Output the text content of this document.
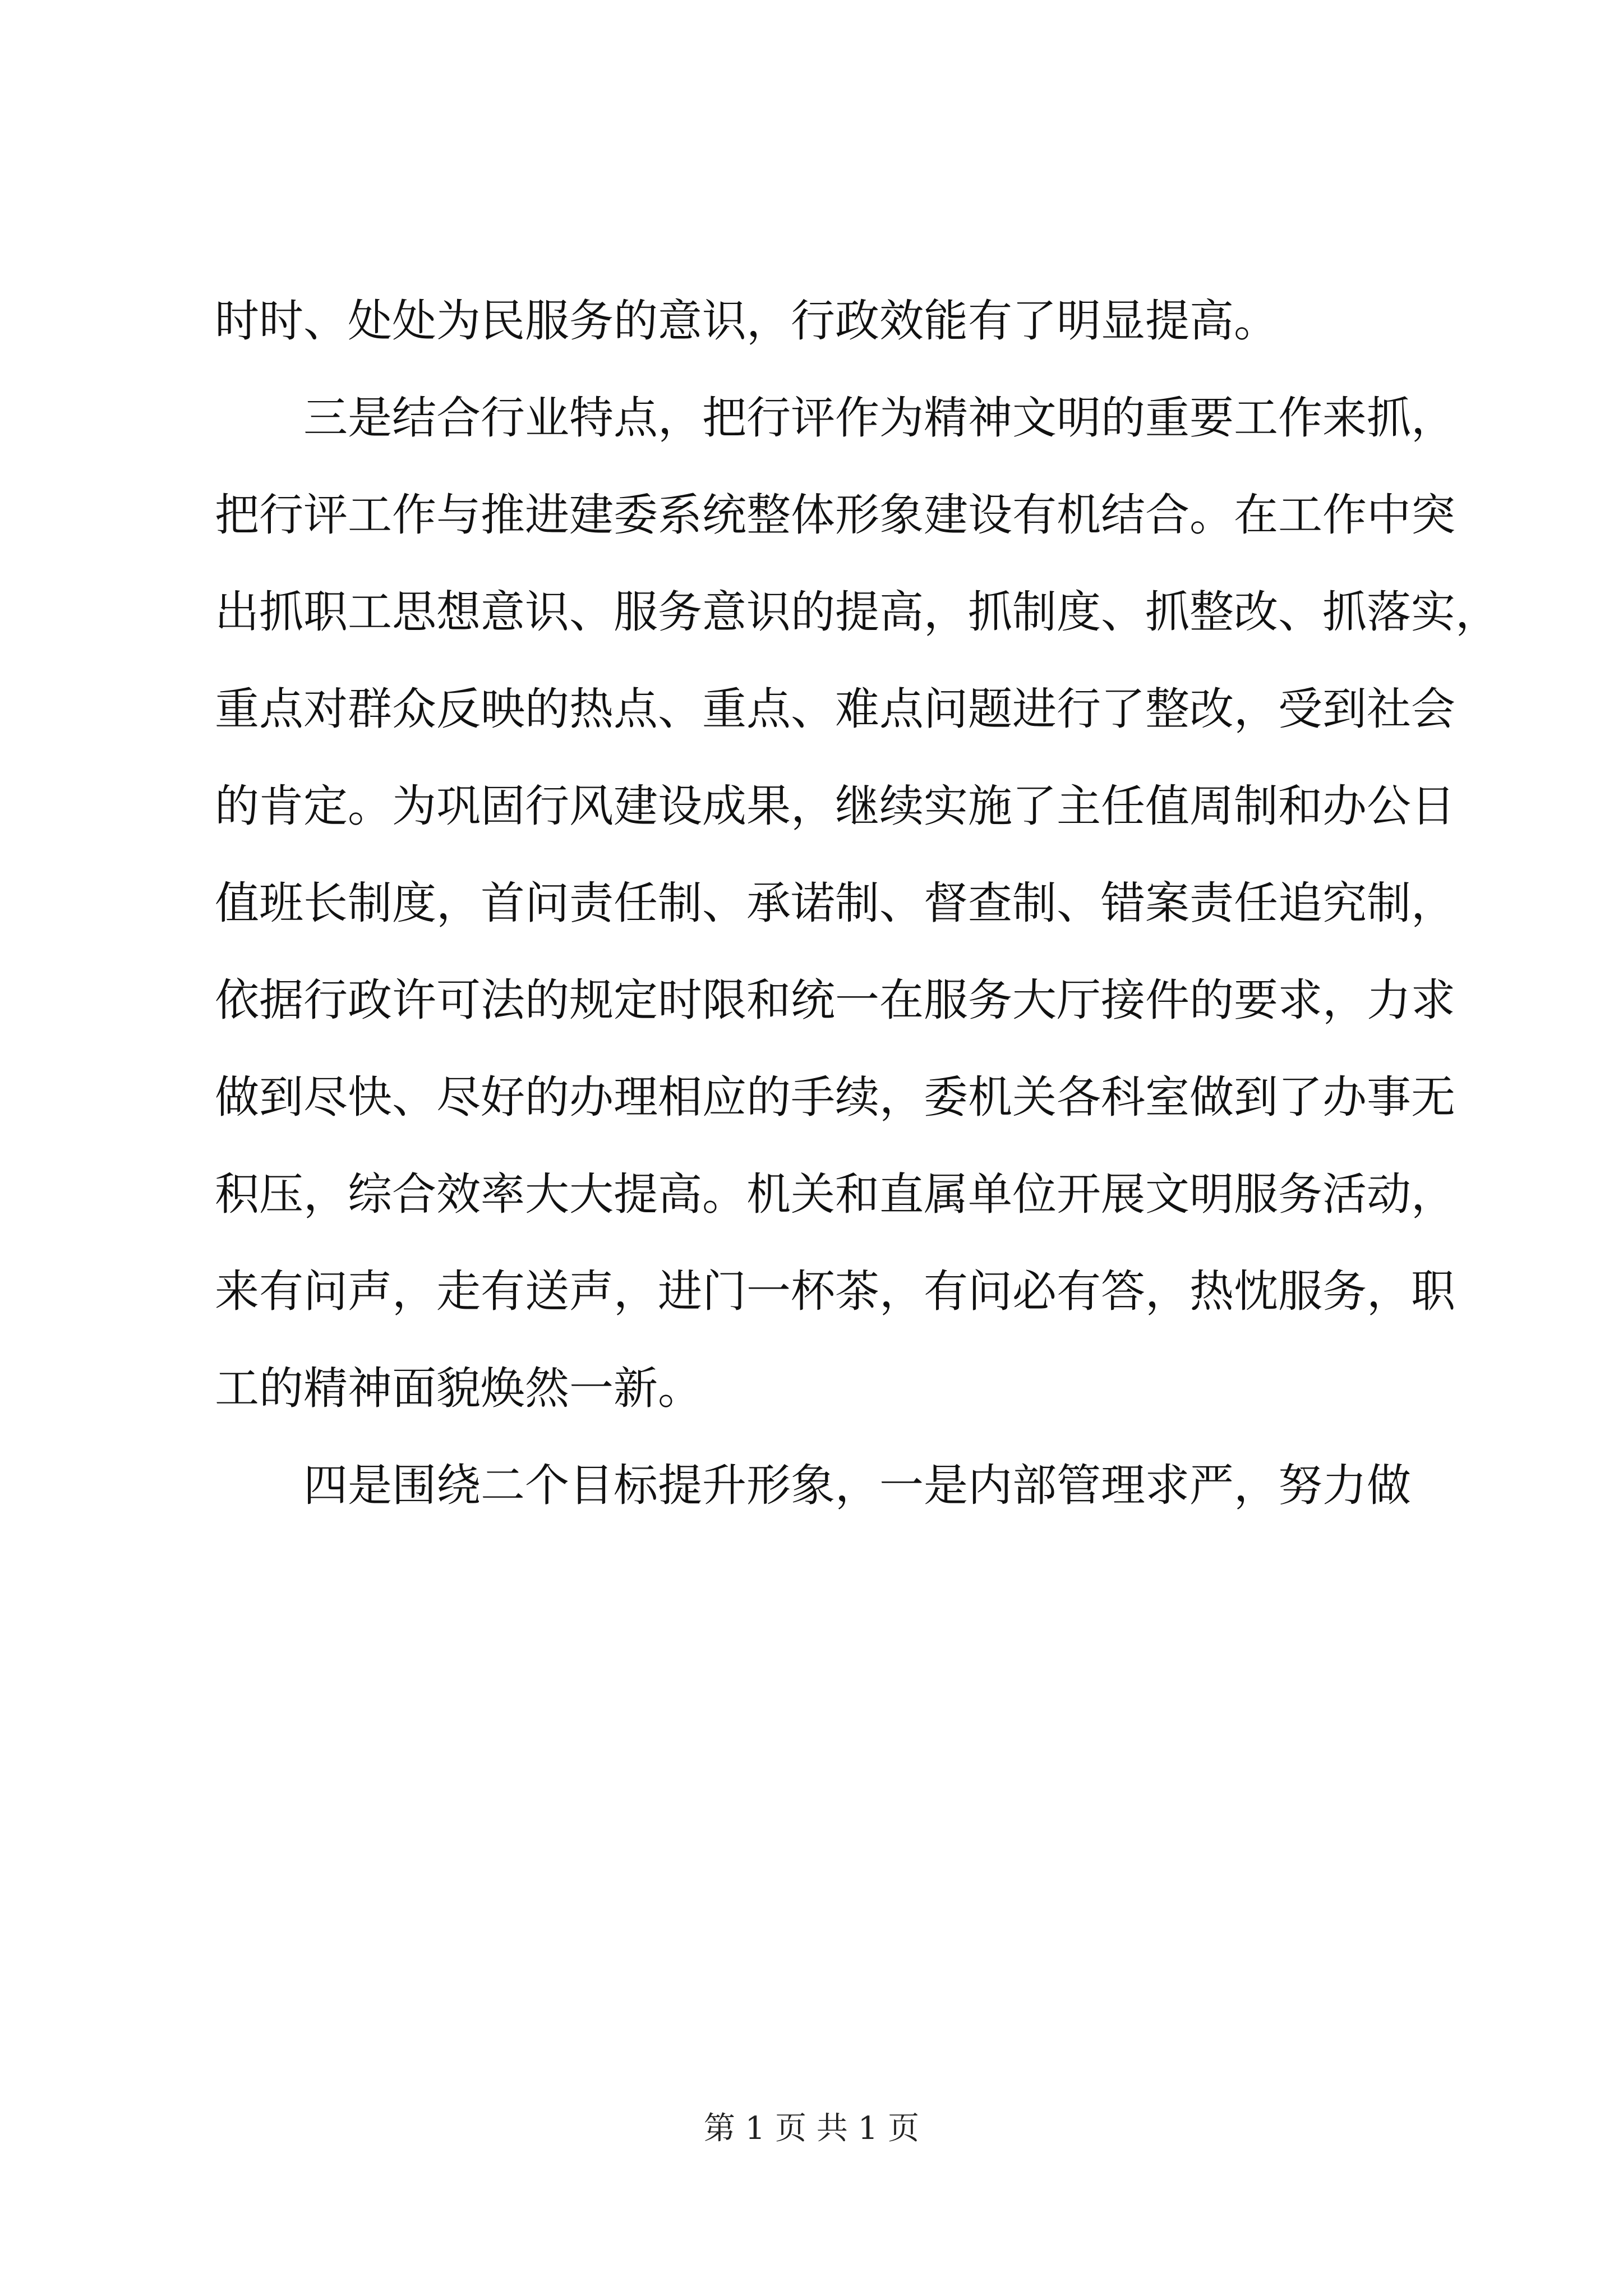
时时、处处为民服务的意识，行政效能有了明显提高。
三是结合行业特点，把行评作为精神文明的重要工作来抓，
把行评工作与推进建委系统整体形象建设有机结合。在工作中突
出抓职工思想意识、服务意识的提高，抓制度、抓整改、抓落实，
重点对群众反映的热点、重点、难点问题进行了整改，受到社会
的肯定。为巩固行风建设成果，继续实施了主任值周制和办公日
值班长制度，首问责任制、承诺制、督查制、错案责任追究制，
依据行政许可法的规定时限和统一在服务大厅接件的要求，力求
做到尽快、尽好的办理相应的手续，委机关各科室做到了办事无
积压，综合效率大大提高。机关和直属单位开展文明服务活动，
来有问声，走有送声，进门一杯茶，有问必有答，热忱服务，职
工的精神面貌焕然一新。
四是围绕二个目标提升形象，一是内部管理求严，努力做
第 1 页 共 1 页
